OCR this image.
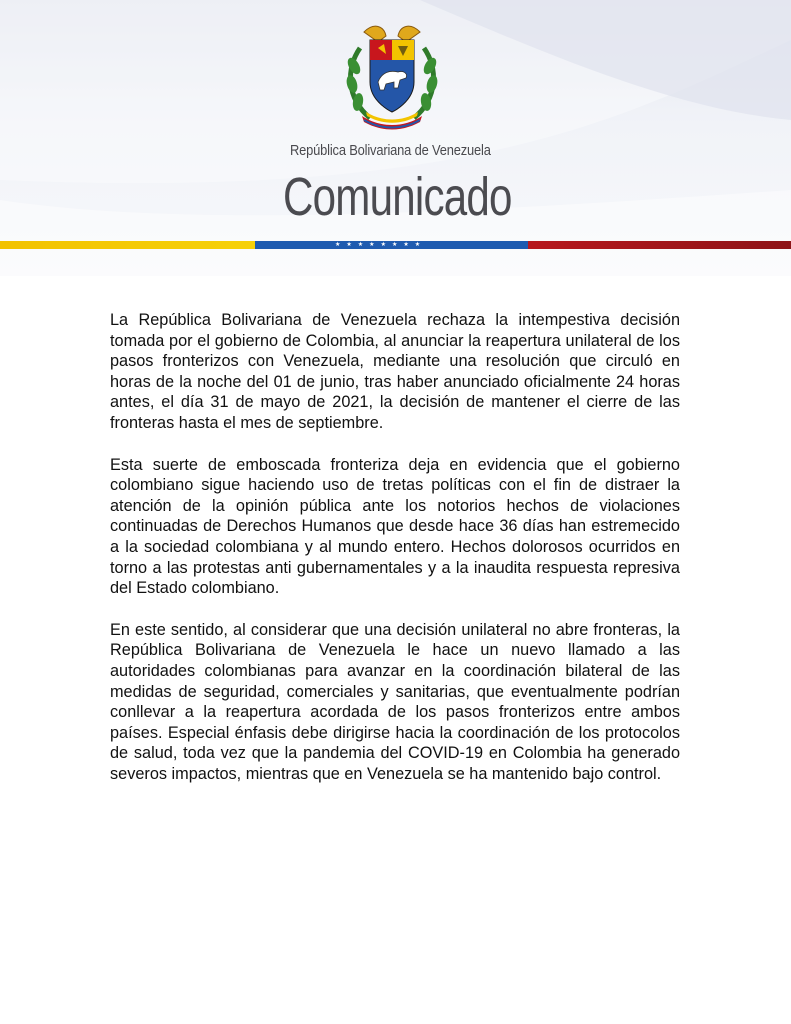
República Bolivariana de Venezuela
Comunicado
★ ★ ★ ★ ★ ★ ★ ★

La República Bolivariana de Venezuela rechaza la intempestiva decisión tomada por el gobierno de Colombia, al anunciar la reapertura unilateral de los pasos fronterizos con Venezuela, mediante una resolución que circuló en horas de la noche del 01 de junio, tras haber anunciado oficialmente 24 horas antes, el día 31 de mayo de 2021, la decisión de mantener el cierre de las fronteras hasta el mes de septiembre.

Esta suerte de emboscada fronteriza deja en evidencia que el gobierno colombiano sigue haciendo uso de tretas políticas con el fin de distraer la atención de la opinión pública ante los notorios hechos de violaciones continuadas de Derechos Humanos que desde hace 36 días han estremecido a la sociedad colombiana y al mundo entero. Hechos dolorosos ocurridos en torno a las protestas anti gubernamentales y a la inaudita respuesta represiva del Estado colombiano.

En este sentido, al considerar que una decisión unilateral no abre fronteras, la República Bolivariana de Venezuela le hace un nuevo llamado a las autoridades colombianas para avanzar en la coordinación bilateral de las medidas de seguridad, comerciales y sanitarias, que eventualmente podrían conllevar a la reapertura acordada de los pasos fronterizos entre ambos países. Especial énfasis debe dirigirse hacia la coordinación de los protocolos de salud, toda vez que la pandemia del COVID-19 en Colombia ha generado severos impactos, mientras que en Venezuela se ha mantenido bajo control.
